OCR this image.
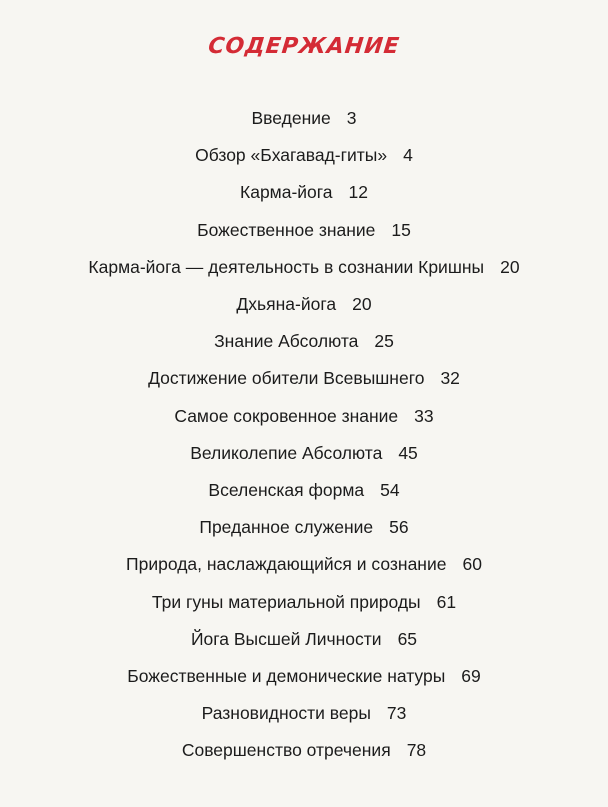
СОДЕРЖАНИЕ
Введение 3
Обзор «Бхагавад-гиты» 4
Карма-йога 12
Божественное знание 15
Карма-йога — деятельность в сознании Кришны 20
Дхьяна-йога 20
Знание Абсолюта 25
Достижение обители Всевышнего 32
Самое сокровенное знание 33
Великолепие Абсолюта 45
Вселенская форма 54
Преданное служение 56
Природа, наслаждающийся и сознание 60
Три гуны материальной природы 61
Йога Высшей Личности 65
Божественные и демонические натуры 69
Разновидности веры 73
Совершенство отречения 78
